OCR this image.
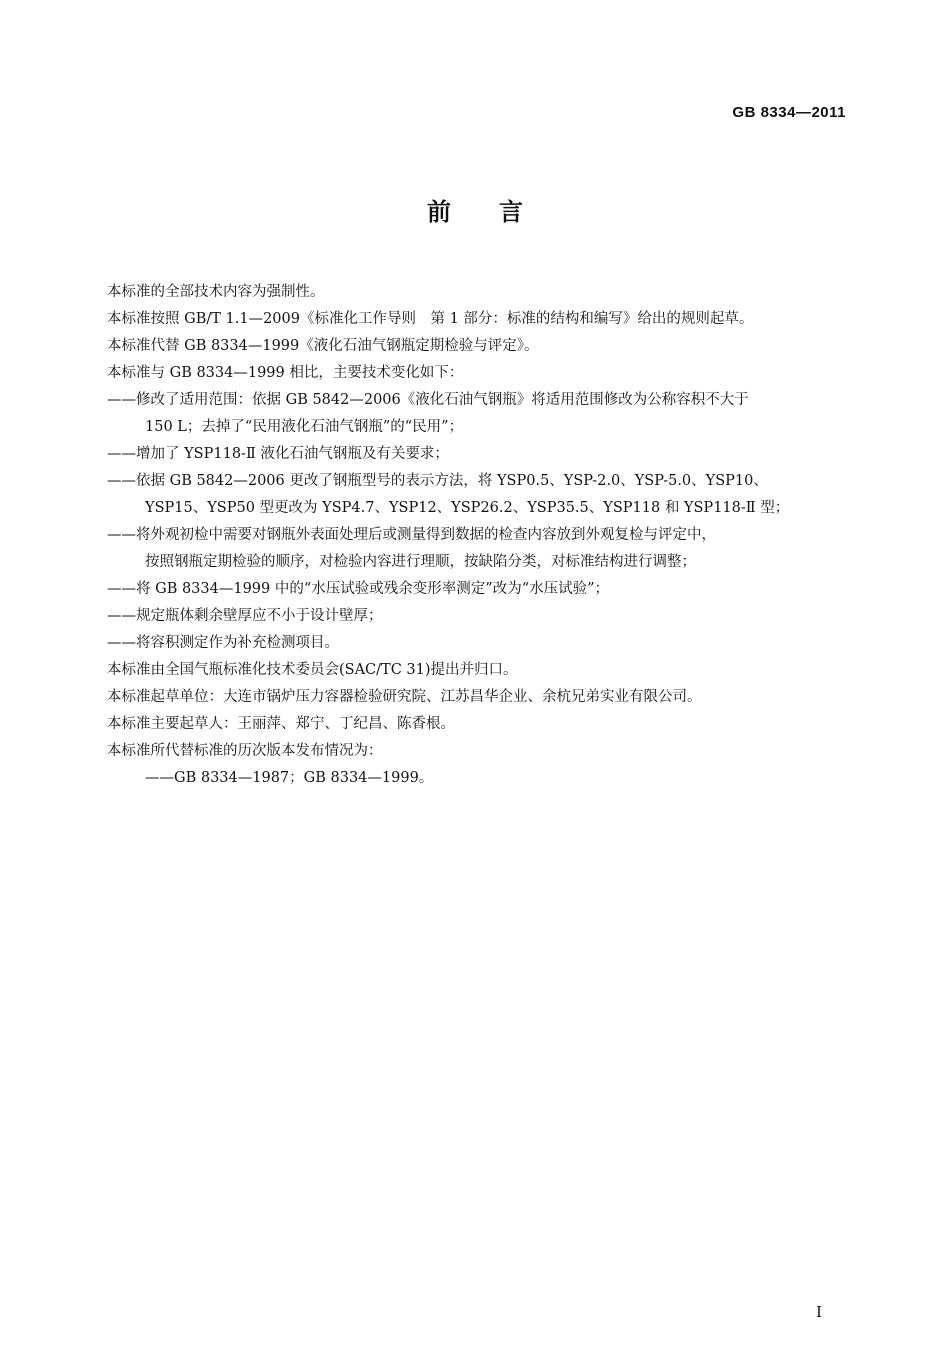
GB 8334—2011
前言
本标准的全部技术内容为强制性。
本标准按照 GB/T 1.1—2009《标准化工作导则　第 1 部分：标准的结构和编写》给出的规则起草。
本标准代替 GB 8334—1999《液化石油气钢瓶定期检验与评定》。
本标准与 GB 8334—1999 相比，主要技术变化如下：
——修改了适用范围：依据 GB 5842—2006《液化石油气钢瓶》将适用范围修改为公称容积不大于
150 L；去掉了“民用液化石油气钢瓶”的“民用”；
——增加了 YSP118-Ⅱ 液化石油气钢瓶及有关要求；
——依据 GB 5842—2006 更改了钢瓶型号的表示方法，将 YSP0.5、YSP-2.0、YSP-5.0、YSP10、
YSP15、YSP50 型更改为 YSP4.7、YSP12、YSP26.2、YSP35.5、YSP118 和 YSP118-Ⅱ 型；
——将外观初检中需要对钢瓶外表面处理后或测量得到数据的检查内容放到外观复检与评定中，
按照钢瓶定期检验的顺序，对检验内容进行理顺，按缺陷分类，对标准结构进行调整；
——将 GB 8334—1999 中的“水压试验或残余变形率测定”改为“水压试验”；
——规定瓶体剩余壁厚应不小于设计壁厚；
——将容积测定作为补充检测项目。
本标准由全国气瓶标准化技术委员会(SAC/TC 31)提出并归口。
本标准起草单位：大连市锅炉压力容器检验研究院、江苏昌华企业、余杭兄弟实业有限公司。
本标准主要起草人：王丽萍、郑宁、丁纪昌、陈香根。
本标准所代替标准的历次版本发布情况为：
——GB 8334—1987；GB 8334—1999。
I
